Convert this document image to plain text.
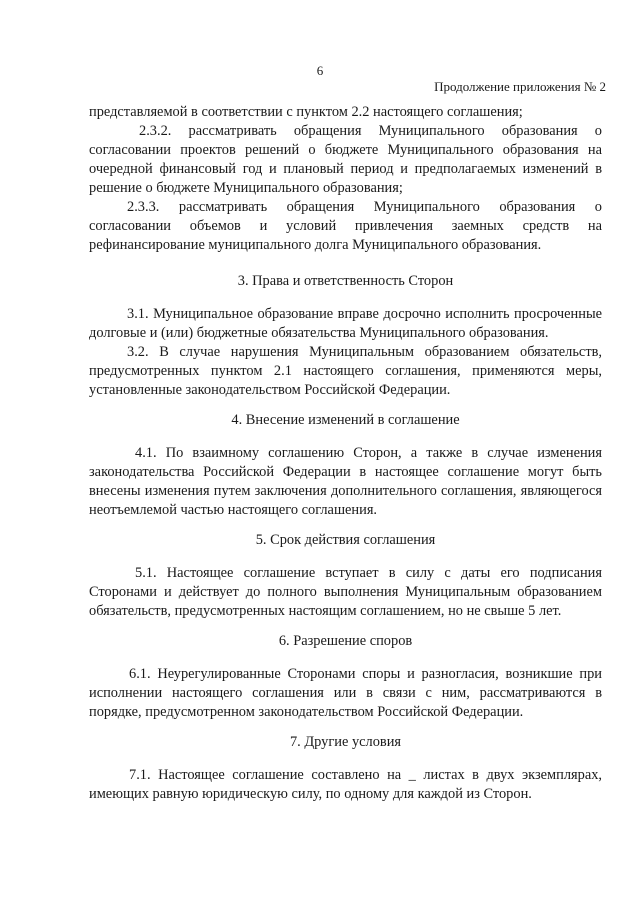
6
Продолжение приложения № 2

представляемой в соответствии с пунктом 2.2 настоящего соглашения;

2.3.2. рассматривать обращения Муниципального образования о согласовании проектов решений о бюджете Муниципального образования на очередной финансовый год и плановый период и предполагаемых изменений в решение о бюджете Муниципального образования;

2.3.3. рассматривать обращения Муниципального образования о согласовании объемов и условий привлечения заемных средств на рефинансирование муниципального долга Муниципального образования.

3. Права и ответственность Сторон

3.1. Муниципальное образование вправе досрочно исполнить просроченные долговые и (или) бюджетные обязательства Муниципального образования.

3.2. В случае нарушения Муниципальным образованием обязательств, предусмотренных пунктом 2.1 настоящего соглашения, применяются меры, установленные законодательством Российской Федерации.

4. Внесение изменений в соглашение

4.1. По взаимному соглашению Сторон, а также в случае изменения законодательства Российской Федерации в настоящее соглашение могут быть внесены изменения путем заключения дополнительного соглашения, являющегося неотъемлемой частью настоящего соглашения.

5. Срок действия соглашения

5.1. Настоящее соглашение вступает в силу с даты его подписания Сторонами и действует до полного выполнения Муниципальным образованием обязательств, предусмотренных настоящим соглашением, но не свыше 5 лет.

6. Разрешение споров

6.1. Неурегулированные Сторонами споры и разногласия, возникшие при исполнении настоящего соглашения или в связи с ним, рассматриваются в порядке, предусмотренном законодательством Российской Федерации.

7. Другие условия

7.1. Настоящее соглашение составлено на _ листах в двух экземплярах, имеющих равную юридическую силу, по одному для каждой из Сторон.
